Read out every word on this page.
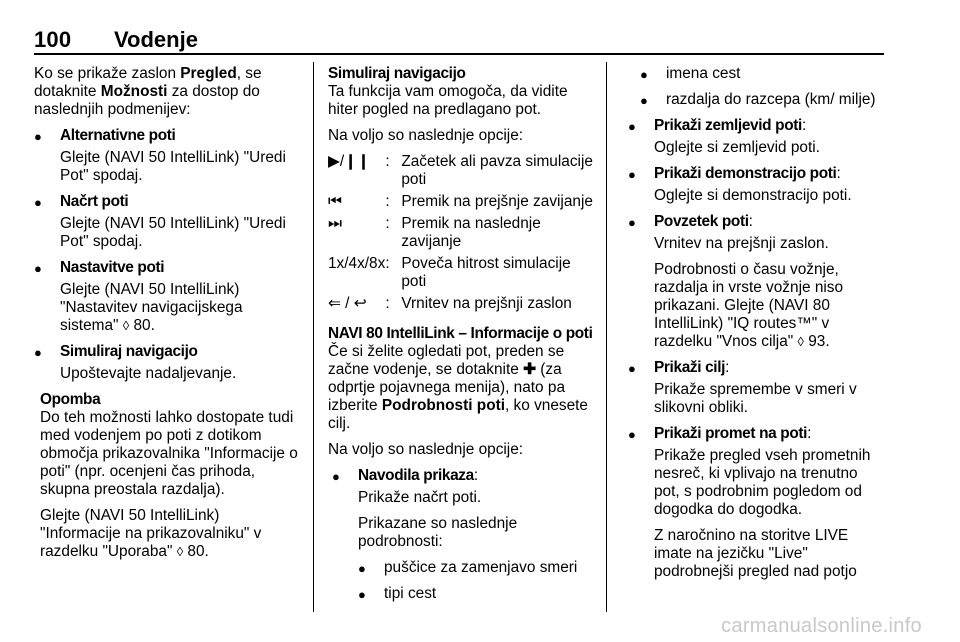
100 Vodenje

Ko se prikaže zaslon Pregled, se dotaknite Možnosti za dostop do naslednjih podmenijev:

● Alternativne poti
Glejte (NAVI 50 IntelliLink) "Uredi Pot" spodaj.
● Načrt poti
Glejte (NAVI 50 IntelliLink) "Uredi Pot" spodaj.
● Nastavitve poti
Glejte (NAVI 50 IntelliLink) "Nastavitev navigacijskega sistema" ◊ 80.
● Simuliraj navigacijo
Upoštevajte nadaljevanje.
Opomba

Do teh možnosti lahko dostopate tudi med vodenjem po poti z dotikom območja prikazovalnika "Informacije o poti" (npr. ocenjeni čas prihoda, skupna preostala razdalja).

Glejte (NAVI 50 IntelliLink) "Informacije na prikazovalniku" v razdelku "Uporaba" ◊ 80.

Simuliraj navigacijo

Ta funkcija vam omogoča, da vidite hiter pogled na predlagano pot.

Na voljo so naslednje opcije:

▶/❙❙	:	Začetek ali pavza simulacije poti
⏮	:	Premik na prejšnje zavijanje
⏭	:	Premik na naslednje zavijanje
1x/4x/8x	:	Poveča hitrost simulacije poti
⇐ / ↩	:	Vrnitev na prejšnji zaslon
NAVI 80 IntelliLink – Informacije o poti

Če si želite ogledati pot, preden se začne vodenje, se dotaknite ✚ (za odprtje pojavnega menija), nato pa izberite Podrobnosti poti, ko vnesete cilj.

Na voljo so naslednje opcije:

● Navodila prikaza:
Prikaže načrt poti.
Prikazane so naslednje podrobnosti:
● puščice za zamenjavo smeri
● tipi cest
● imena cest
● razdalja do razcepa (km/ milje)
● Prikaži zemljevid poti:
Oglejte si zemljevid poti.
● Prikaži demonstracijo poti:
Oglejte si demonstracijo poti.
● Povzetek poti:
Vrnitev na prejšnji zaslon.
Podrobnosti o času vožnje, razdalja in vrste vožnje niso prikazani. Glejte (NAVI 80 IntelliLink) "IQ routes™" v razdelku "Vnos cilja" ◊ 93.
● Prikaži cilj:
Prikaže spremembe v smeri v slikovni obliki.
● Prikaži promet na poti:
Prikaže pregled vseh prometnih nesreč, ki vplivajo na trenutno pot, s podrobnim pogledom od dogodka do dogodka.
Z naročnino na storitve LIVE imate na jezičku "Live" podrobnejši pregled nad potjo
carmanualsonline.info
